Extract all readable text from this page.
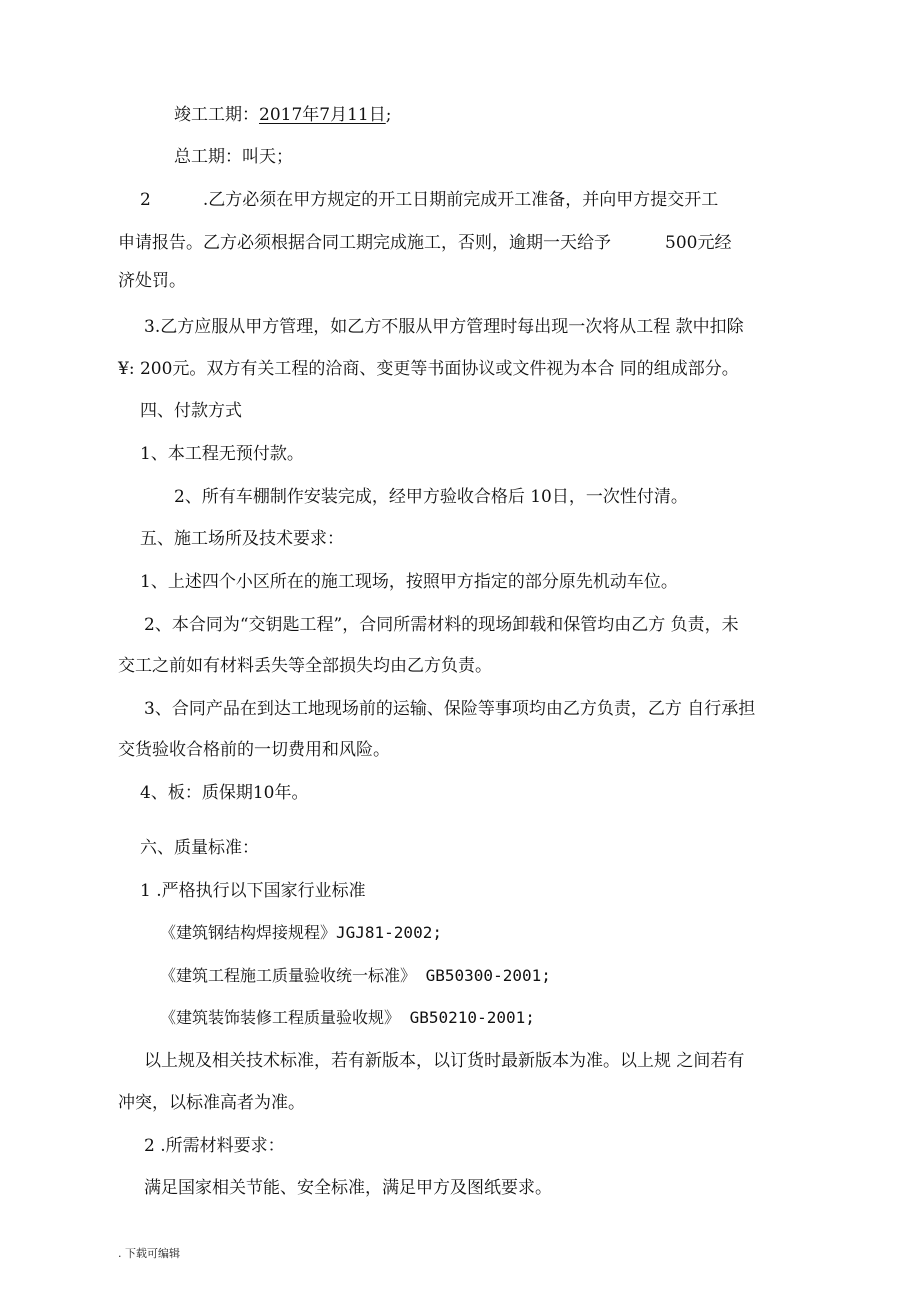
竣工工期：2017年7月11日;
总工期：叫天；
2	.乙方必须在甲方规定的开工日期前完成开工准备，并向甲方提交开工
申请报告。乙方必须根据合同工期完成施工，否则，逾期一天给予	500元经
济处罚。
3.乙方应服从甲方管理，如乙方不服从甲方管理时每出现一次将从工程 款中扣除
¥: 200元。双方有关工程的洽商、变更等书面协议或文件视为本合 同的组成部分。
四、付款方式
1、本工程无预付款。
2、所有车棚制作安装完成，经甲方验收合格后 10日，一次性付清。
五、施工场所及技术要求：
1、上述四个小区所在的施工现场，按照甲方指定的部分原先机动车位。
2、本合同为“交钥匙工程”，合同所需材料的现场卸载和保管均由乙方 负责，未
交工之前如有材料丢失等全部损失均由乙方负责。
3、合同产品在到达工地现场前的运输、保险等事项均由乙方负责，乙方 自行承担
交货验收合格前的一切费用和风险。
4、板：质保期10年。
六、质量标准：
1 .严格执行以下国家行业标准
《建筑钢结构焊接规程》JGJ81-2002;
《建筑工程施工质量验收统一标准》 GB50300-2001;
《建筑装饰装修工程质量验收规》 GB50210-2001;
以上规及相关技术标准，若有新版本，以订货时最新版本为准。以上规 之间若有
冲突，以标准高者为准。
2 .所需材料要求：
满足国家相关节能、安全标准，满足甲方及图纸要求。
. 下载可编辑
